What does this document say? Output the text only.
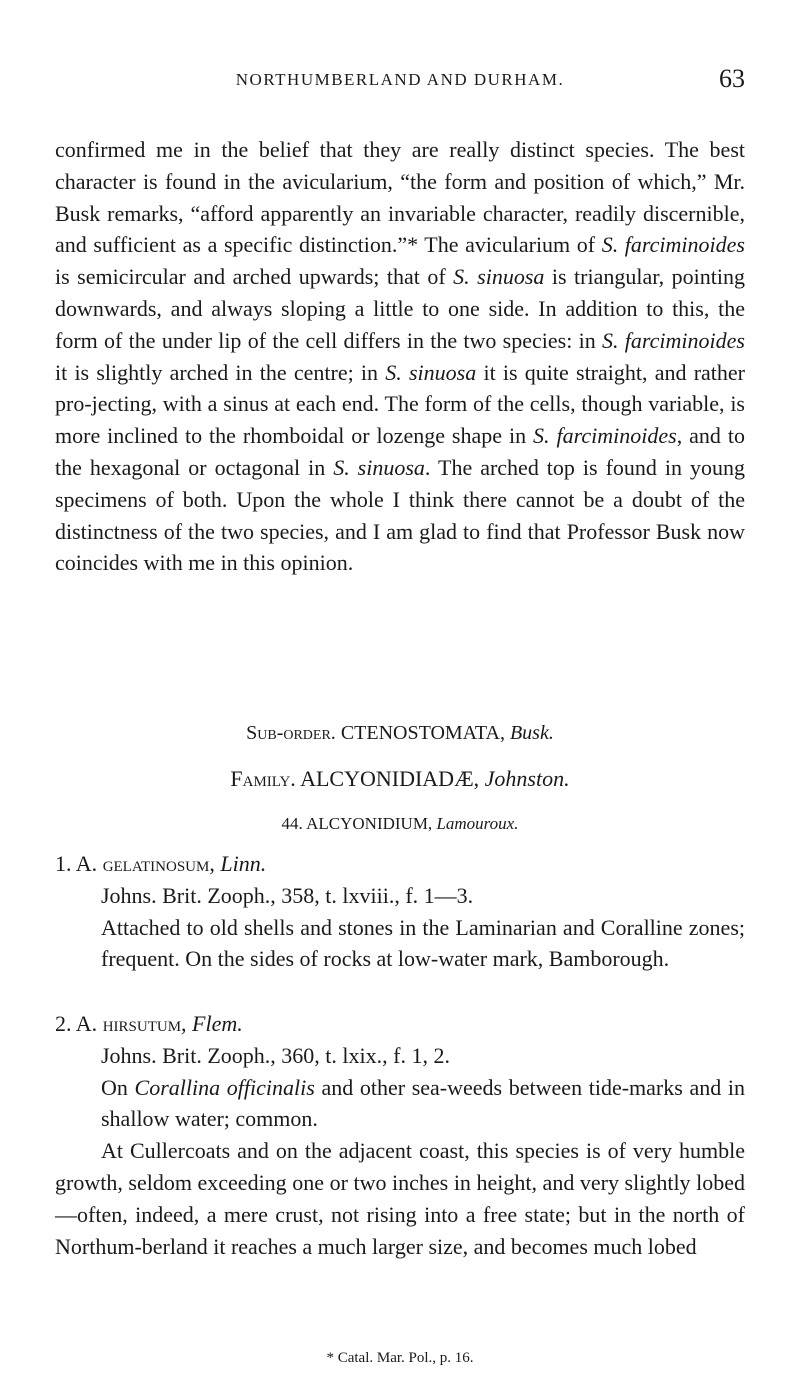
NORTHUMBERLAND AND DURHAM.	63

confirmed me in the belief that they are really distinct species. The best character is found in the avicularium, “the form and position of which,” Mr. Busk remarks, “afford apparently an invariable character, readily discernible, and sufficient as a specific distinction.”* The avicularium of S. farciminoides is semicircular and arched upwards; that of S. sinuosa is triangular, pointing downwards, and always sloping a little to one side. In addition to this, the form of the under lip of the cell differs in the two species: in S. farciminoides it is slightly arched in the centre; in S. sinuosa it is quite straight, and rather pro-jecting, with a sinus at each end. The form of the cells, though variable, is more inclined to the rhomboidal or lozenge shape in S. farciminoides, and to the hexagonal or octagonal in S. sinuosa. The arched top is found in young specimens of both. Upon the whole I think there cannot be a doubt of the distinctness of the two species, and I am glad to find that Professor Busk now coincides with me in this opinion.

Sub-order. CTENOSTOMATA, Busk.
Family. ALCYONIDIADÆ, Johnston.
44. ALCYONIDIUM, Lamouroux.

1. A. gelatinosum, Linn.

Johns. Brit. Zooph., 358, t. lxviii., f. 1—3.

Attached to old shells and stones in the Laminarian and Coralline zones; frequent. On the sides of rocks at low-water mark, Bamborough.

2. A. hirsutum, Flem.

Johns. Brit. Zooph., 360, t. lxix., f. 1, 2.

On Corallina officinalis and other sea-weeds between tide-marks and in shallow water; common.

At Cullercoats and on the adjacent coast, this species is of very humble growth, seldom exceeding one or two inches in height, and very slightly lobed—often, indeed, a mere crust, not rising into a free state; but in the north of Northum-berland it reaches a much larger size, and becomes much lobed

* Catal. Mar. Pol., p. 16.
